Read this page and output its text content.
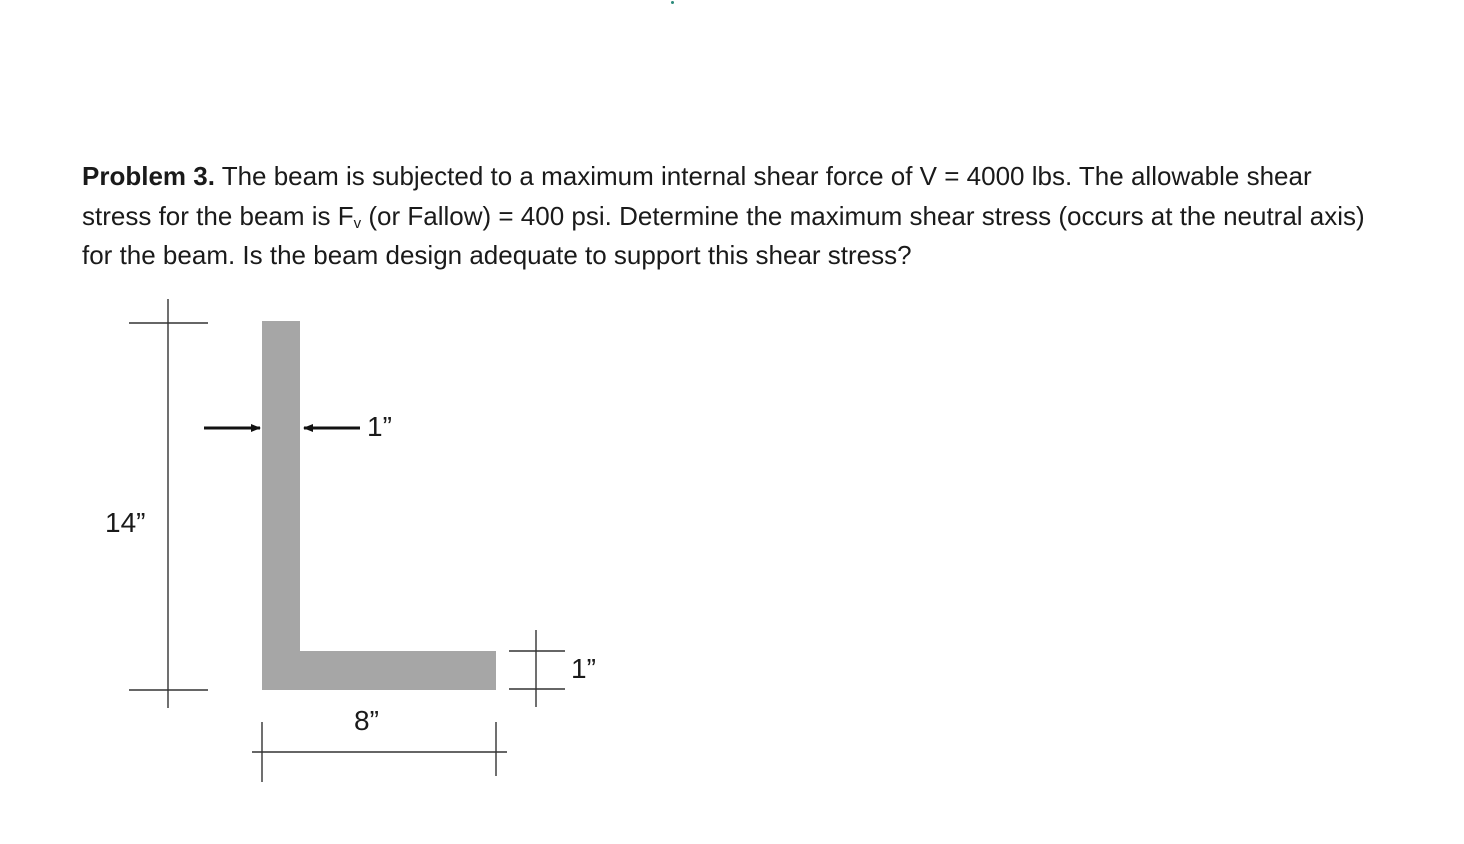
Problem 3. The beam is subjected to a maximum internal shear force of V = 4000 lbs. The allowable shear stress for the beam is $F_v$ (or Fallow) = 400 psi. Determine the maximum shear stress (occurs at the neutral axis) for the beam. Is the beam design adequate to support this shear stress?

14”
1”
1”
8”
